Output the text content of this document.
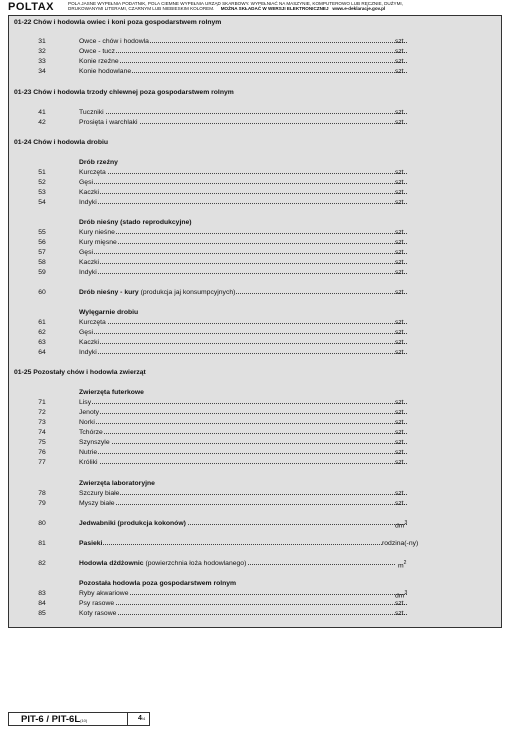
POLTAX	POLA JASNE WYPEŁNIA PODATNIK, POLA CIEMNE WYPEŁNIA URZĄD SKARBOWY. WYPEŁNIAĆ NA MASZYNIE, KOMPUTEROWO LUB RĘCZNIE, DUŻYMI,
DRUKOWANYMI LITERAMI, CZARNYM LUB NIEBIESKIM KOLOREM. MOŻNA SKŁADAĆ W WERSJI ELEKTRONICZNEJ www.e-deklaracje.gov.pl
01-22 Chów i hodowla owiec i koni poza gospodarstwem rolnym
31	Owce - chów i hodowla	szt.
32	Owce - tucz	szt.
33	Konie rzeźne	szt.
34	Konie hodowlane	szt.
01-23 Chów i hodowla trzody chlewnej poza gospodarstwem rolnym
41	Tuczniki	szt.
42	Prosięta i warchlaki	szt.
01-24 Chów i hodowla drobiu
Drób rzeźny
51	Kurczęta	szt.
52	Gęsi	szt.
53	Kaczki	szt.
54	Indyki	szt.
Drób nieśny (stado reprodukcyjne)
55	Kury nieśne	szt.
56	Kury mięsne	szt.
57	Gęsi	szt.
58	Kaczki	szt.
59	Indyki	szt.
60	Drób nieśny - kury (produkcja jaj konsumpcyjnych)	szt.
Wylęgarnie drobiu
61	Kurczęta	szt.
62	Gęsi	szt.
63	Kaczki	szt.
64	Indyki	szt.
01-25 Pozostały chów i hodowla zwierząt
Zwierzęta futerkowe
71	Lisy	szt.
72	Jenoty	szt.
73	Norki	szt.
74	Tchórze	szt.
75	Szynszyle	szt.
76	Nutrie	szt.
77	Króliki	szt.
Zwierzęta laboratoryjne
78	Szczury białe	szt.
79	Myszy białe	szt.
80	Jedwabniki (produkcja kokonów)	$dm^3$
81	Pasieki	rodzina(-ny)
82	Hodowla dżdżownic (powierzchnia łoża hodowlanego)	$m^2$
Pozostała hodowla poza gospodarstwem rolnym
83	Ryby akwariowe	$dm^3$
84	Psy rasowe	szt.
85	Koty rasowe	szt.
PIT-6 / PIT-6L(10)	4/4
